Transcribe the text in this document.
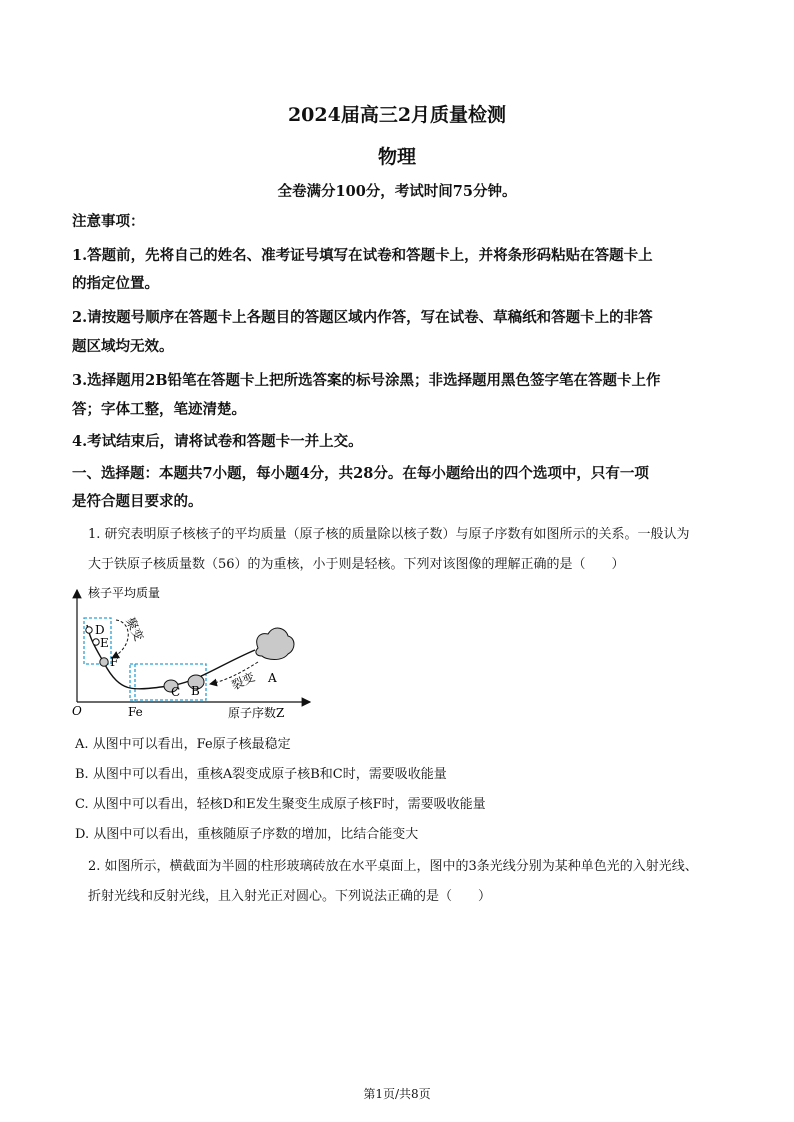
2024届高三2月质量检测
物理
全卷满分100分，考试时间75分钟。
注意事项：
1.答题前，先将自己的姓名、准考证号填写在试卷和答题卡上，并将条形码粘贴在答题卡上
的指定位置。
2.请按题号顺序在答题卡上各题目的答题区域内作答，写在试卷、草稿纸和答题卡上的非答
题区域均无效。
3.选择题用2B铅笔在答题卡上把所选答案的标号涂黑；非选择题用黑色签字笔在答题卡上作
答；字体工整，笔迹清楚。
4.考试结束后，请将试卷和答题卡一并上交。
一、选择题：本题共7小题，每小题4分，共28分。在每小题给出的四个选项中，只有一项
是符合题目要求的。
1. 研究表明原子核核子的平均质量（原子核的质量除以核子数）与原子序数有如图所示的关系。一般认为
大于铁原子核质量数（56）的为重核，小于则是轻核。下列对该图像的理解正确的是（　　）
核子平均质量
原子序数Z
O	Fe
A
C B 裂变
D
E
F
聚变
A. 从图中可以看出，Fe原子核最稳定
B. 从图中可以看出，重核A裂变成原子核B和C时，需要吸收能量
C. 从图中可以看出，轻核D和E发生聚变生成原子核F时，需要吸收能量
D. 从图中可以看出，重核随原子序数的增加，比结合能变大
2. 如图所示，横截面为半圆的柱形玻璃砖放在水平桌面上，图中的3条光线分别为某种单色光的入射光线、
折射光线和反射光线，且入射光正对圆心。下列说法正确的是（　　）
第1页/共8页
